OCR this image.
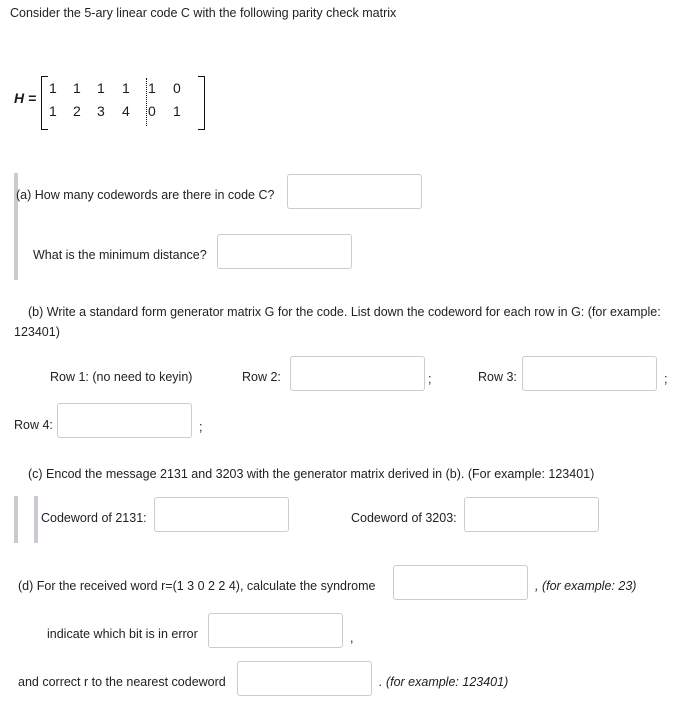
Consider the 5-ary linear code C with the following parity check matrix
H =
1 1 1 1 1 0
1 2 3 4 0 1
(a) How many codewords are there in code C?
What is the minimum distance?
(b) Write a standard form generator matrix G for the code. List down the codeword for each row in G: (for example:
123401)
Row 1: (no need to keyin)	Row 2:	;	Row 3:	;
Row 4:	;
(c) Encod the message 2131 and 3203 with the generator matrix derived in (b). (For example: 123401)
Codeword of 2131:	Codeword of 3203:
(d) For the received word r=(1 3 0 2 2 4), calculate the syndrome	, (for example: 23)
indicate which bit is in error	,
and correct r to the nearest codeword	. (for example: 123401)
